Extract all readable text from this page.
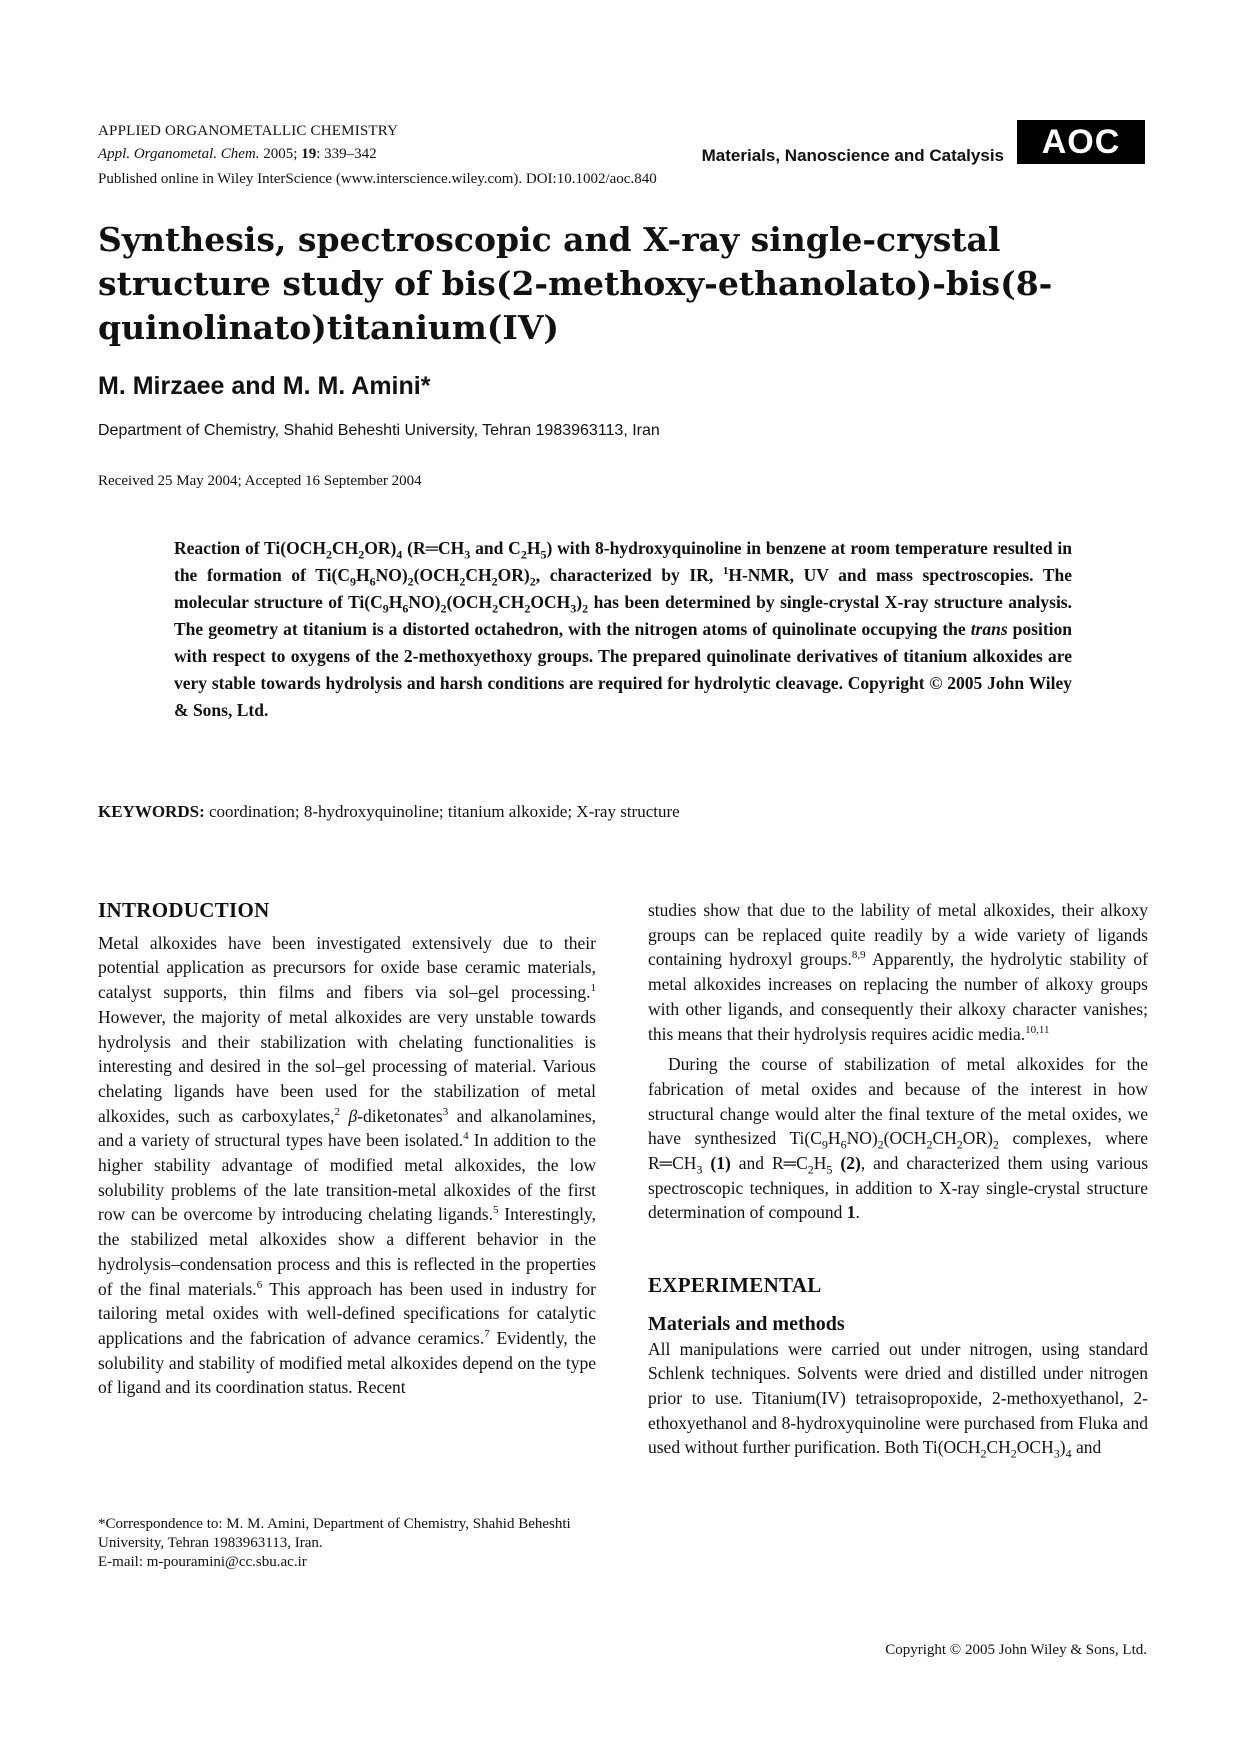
APPLIED ORGANOMETALLIC CHEMISTRY
Appl. Organometal. Chem. 2005; 19: 339–342
Published online in Wiley InterScience (www.interscience.wiley.com). DOI:10.1002/aoc.840
Materials, Nanoscience and Catalysis	AOC
Synthesis, spectroscopic and X-ray single-crystal structure study of bis(2-methoxy-ethanolato)-bis(8-quinolinato)titanium(IV)
M. Mirzaee and M. M. Amini*
Department of Chemistry, Shahid Beheshti University, Tehran 1983963113, Iran
Received 25 May 2004; Accepted 16 September 2004
Reaction of $Ti(OCH_2CH_2OR)_4$ ($R═CH_3$ and $C_2H_5$) with 8-hydroxyquinoline in benzene at room temperature resulted in the formation of $Ti(C_9H_6NO)_2(OCH_2CH_2OR)_2$, characterized by IR, $^1$H-NMR, UV and mass spectroscopies. The molecular structure of $Ti(C_9H_6NO)_2(OCH_2CH_2OCH_3)_2$ has been determined by single-crystal X-ray structure analysis. The geometry at titanium is a distorted octahedron, with the nitrogen atoms of quinolinate occupying the trans position with respect to oxygens of the 2-methoxyethoxy groups. The prepared quinolinate derivatives of titanium alkoxides are very stable towards hydrolysis and harsh conditions are required for hydrolytic cleavage. Copyright © 2005 John Wiley & Sons, Ltd.
KEYWORDS: coordination; 8-hydroxyquinoline; titanium alkoxide; X-ray structure
INTRODUCTION

Metal alkoxides have been investigated extensively due to their potential application as precursors for oxide base ceramic materials, catalyst supports, thin films and fibers via sol–gel processing.$^1$ However, the majority of metal alkoxides are very unstable towards hydrolysis and their stabilization with chelating functionalities is interesting and desired in the sol–gel processing of material. Various chelating ligands have been used for the stabilization of metal alkoxides, such as carboxylates,$^2$ β-diketonates$^3$ and alkanolamines, and a variety of structural types have been isolated.$^4$ In addition to the higher stability advantage of modified metal alkoxides, the low solubility problems of the late transition-metal alkoxides of the first row can be overcome by introducing chelating ligands.$^5$ Interestingly, the stabilized metal alkoxides show a different behavior in the hydrolysis–condensation process and this is reflected in the properties of the final materials.$^6$ This approach has been used in industry for tailoring metal oxides with well-defined specifications for catalytic applications and the fabrication of advance ceramics.$^7$ Evidently, the solubility and stability of modified metal alkoxides depend on the type of ligand and its coordination status. Recent

studies show that due to the lability of metal alkoxides, their alkoxy groups can be replaced quite readily by a wide variety of ligands containing hydroxyl groups.$^{8,9}$ Apparently, the hydrolytic stability of metal alkoxides increases on replacing the number of alkoxy groups with other ligands, and consequently their alkoxy character vanishes; this means that their hydrolysis requires acidic media.$^{10,11}$

During the course of stabilization of metal alkoxides for the fabrication of metal oxides and because of the interest in how structural change would alter the final texture of the metal oxides, we have synthesized $Ti(C_9H_6NO)_2(OCH_2CH_2OR)_2$ complexes, where $R═CH_3$ (1) and $R═C_2H_5$ (2), and characterized them using various spectroscopic techniques, in addition to X-ray single-crystal structure determination of compound 1.

EXPERIMENTAL
Materials and methods

All manipulations were carried out under nitrogen, using standard Schlenk techniques. Solvents were dried and distilled under nitrogen prior to use. Titanium(IV) tetraisopropoxide, 2-methoxyethanol, 2-ethoxyethanol and 8-hydroxyquinoline were purchased from Fluka and used without further purification. Both $Ti(OCH_2CH_2OCH_3)_4$ and

*Correspondence to: M. M. Amini, Department of Chemistry, Shahid Beheshti University, Tehran 1983963113, Iran.
E-mail: m-pouramini@cc.sbu.ac.ir
Copyright © 2005 John Wiley & Sons, Ltd.
